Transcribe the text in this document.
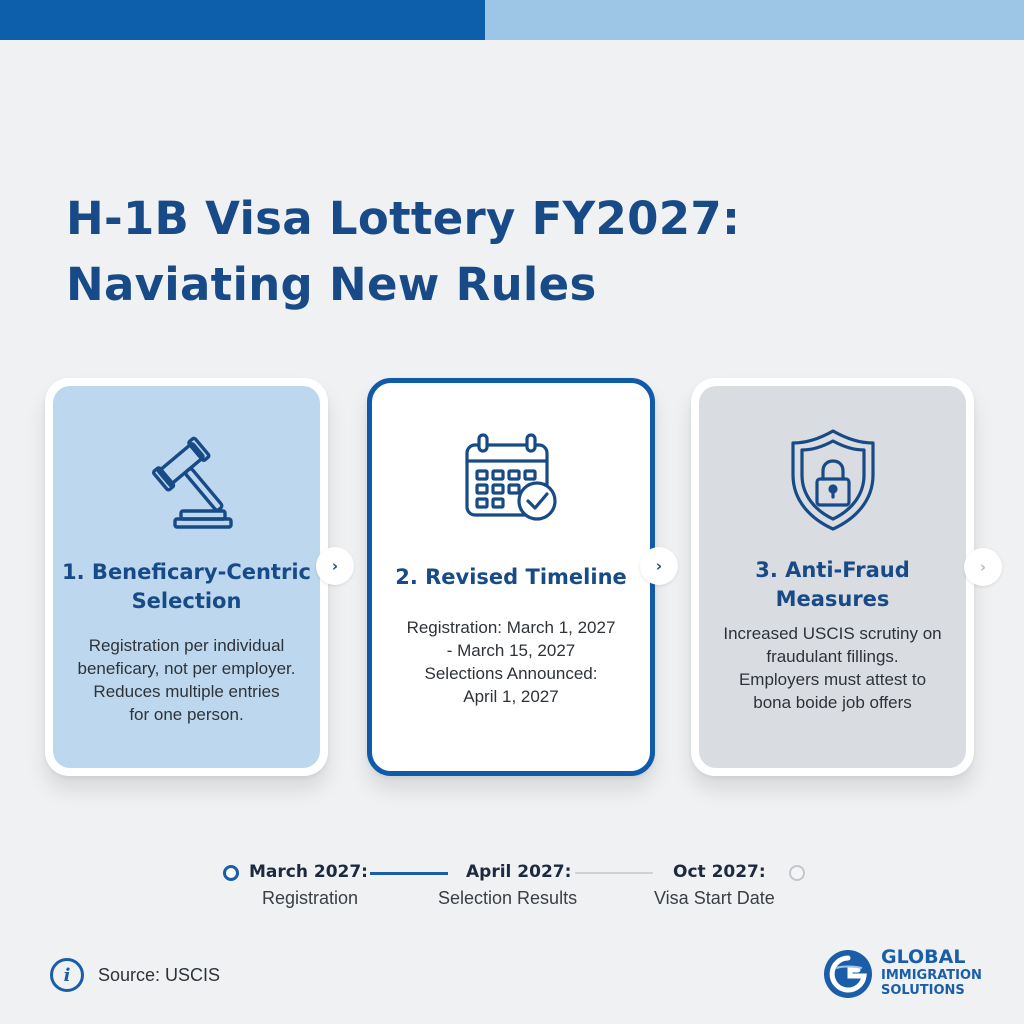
H-1B Visa Lottery FY2027:
Naviating New Rules
1. Beneficary-Centric
Selection
Registration per individual
beneficary, not per employer.
Reduces multiple entries
for one person.
›	2. Revised Timeline
Registration: March 1, 2027
- March 15, 2027
Selections Announced:
April 1, 2027
›	3. Anti-Fraud
Measures
Increased USCIS scrutiny on
fraudulant fillings.
Employers must attest to
bona boide job offers
›
March 2027:
Registration
April 2027:
Selection Results
Oct 2027:
Visa Start Date
i	Source: USCIS
GLOBAL
IMMIGRATION
SOLUTIONS
